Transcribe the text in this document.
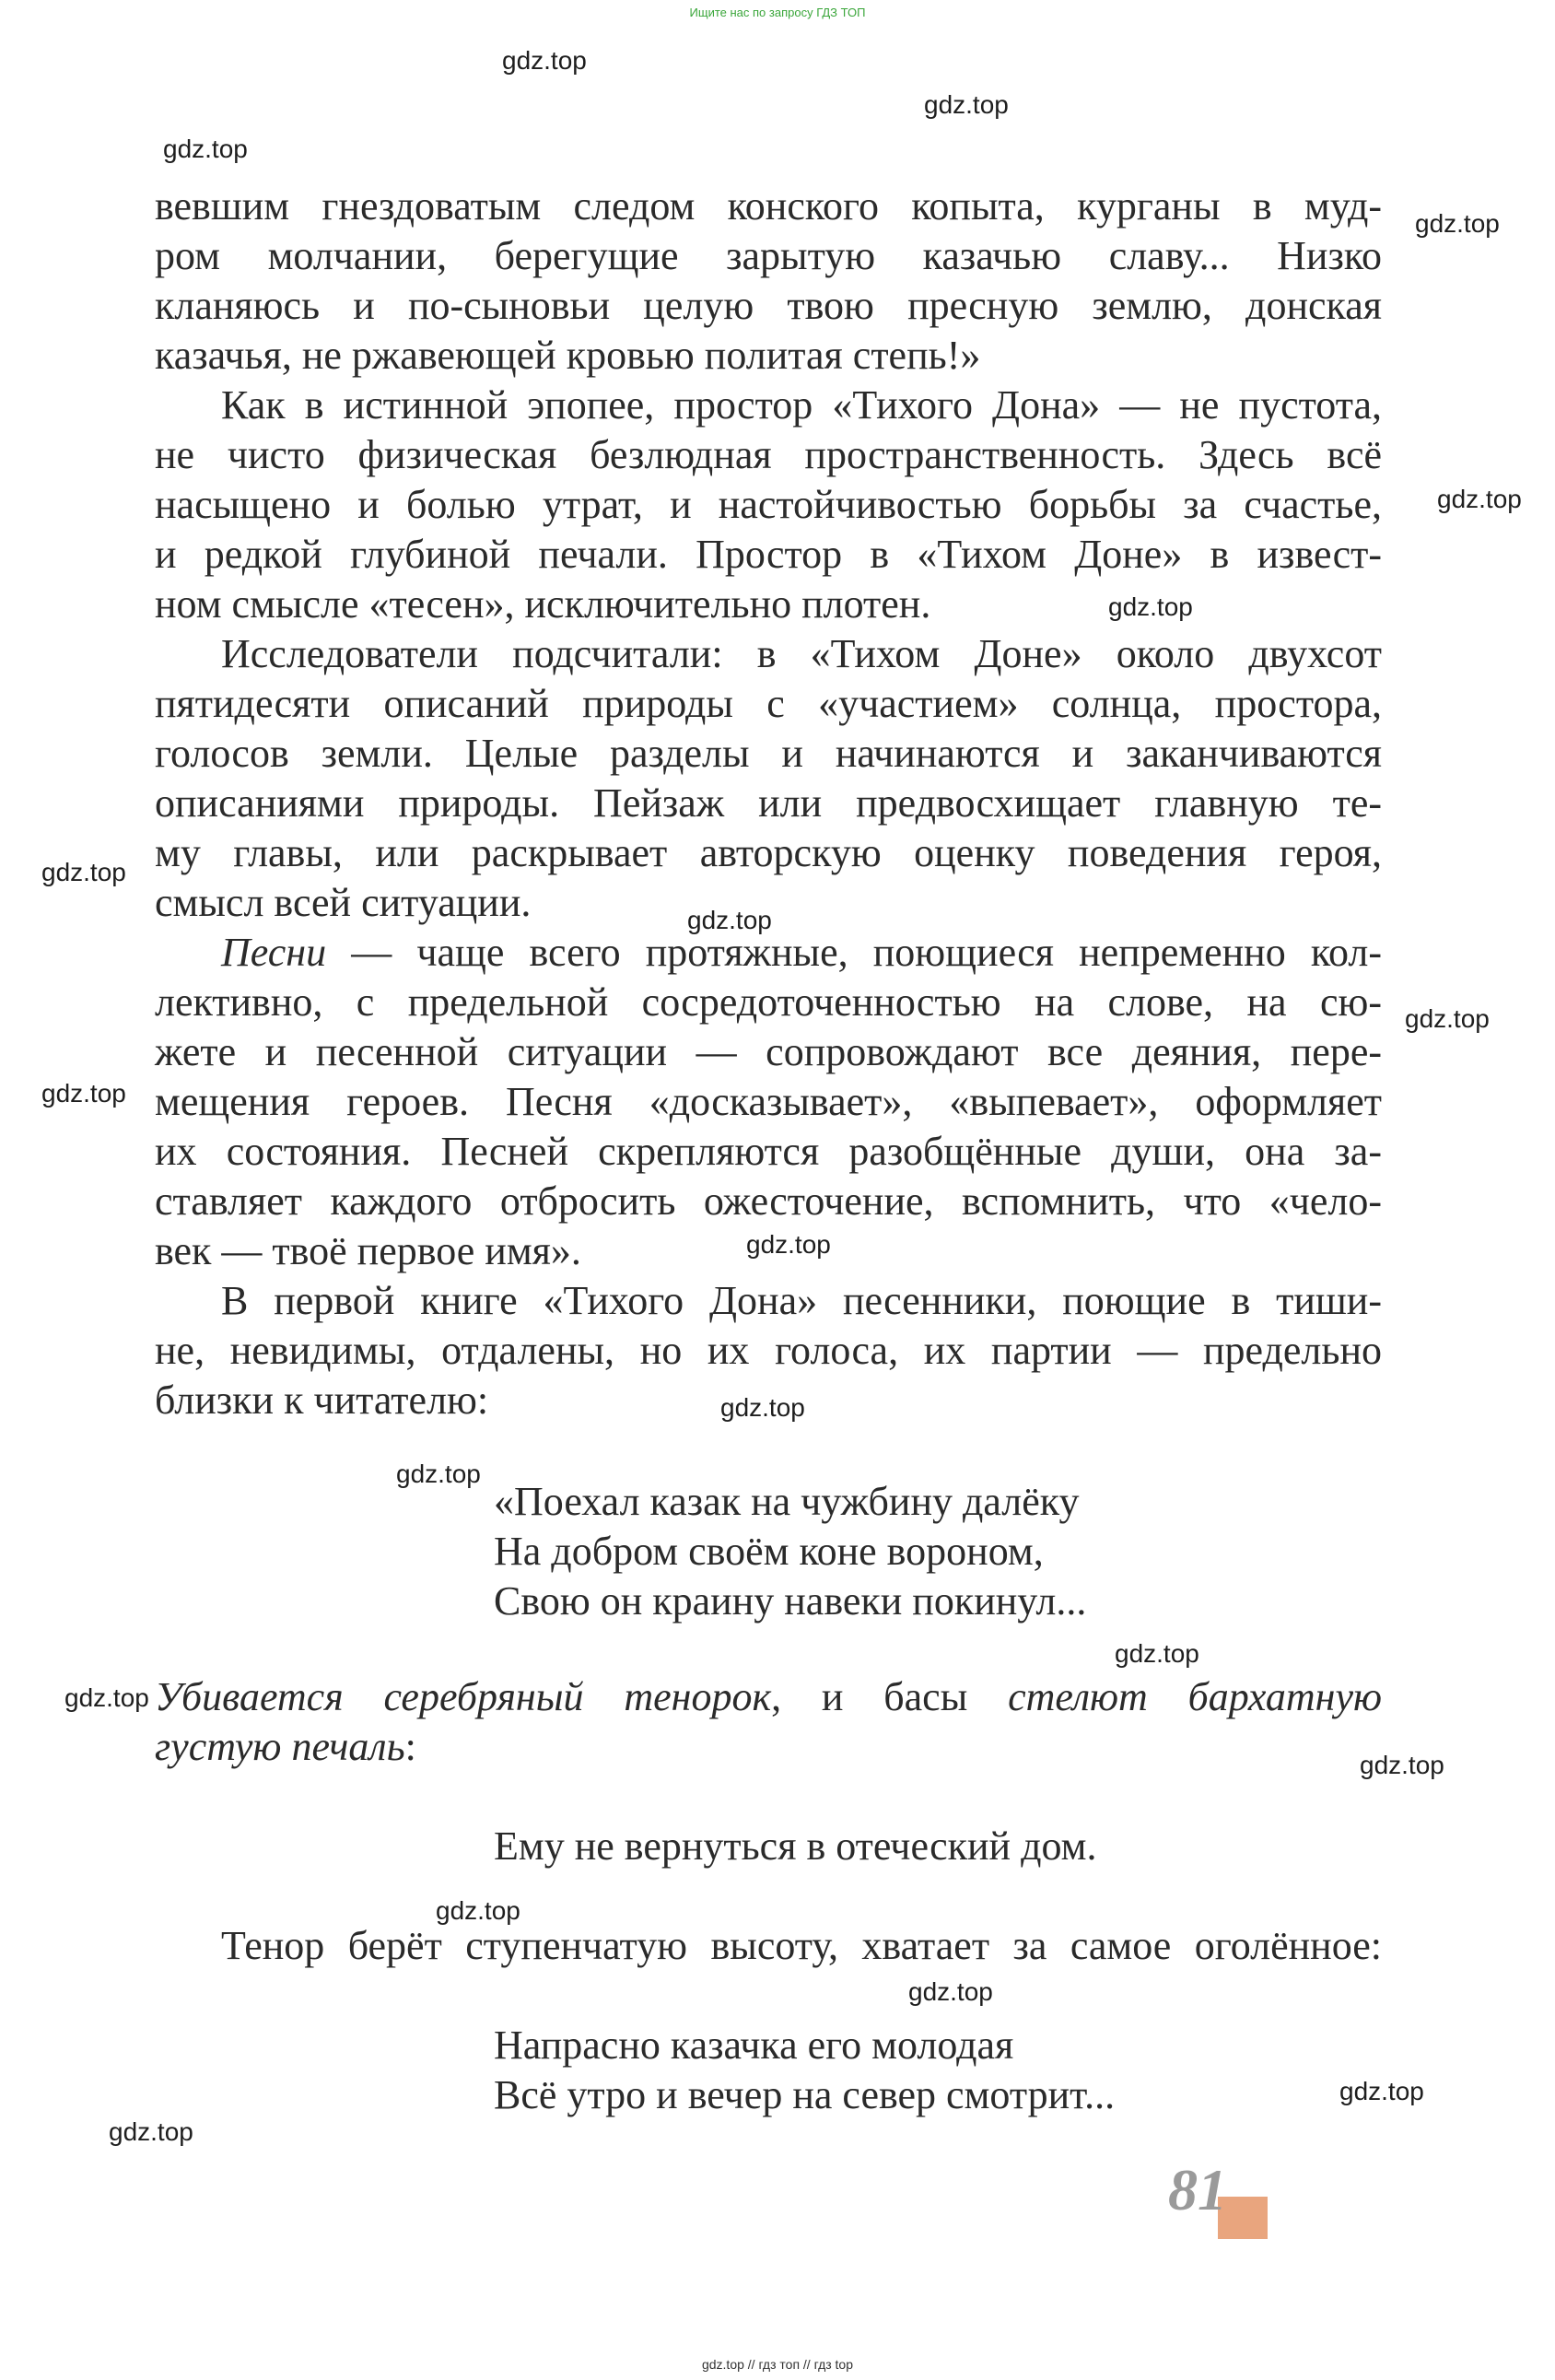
Ищите нас по запросу ГДЗ ТОП
gdz.top
gdz.top
gdz.top
gdz.top
gdz.top
gdz.top
gdz.top
gdz.top
gdz.top
gdz.top
gdz.top
gdz.top
gdz.top
gdz.top
gdz.top
gdz.top
gdz.top
gdz.top
gdz.top
gdz.top
вевшим гнездоватым следом конского копыта, курганы в муд-
ром молчании, берегущие зарытую казачью славу... Низко
кланяюсь и по-сыновьи целую твою пресную землю, донская
казачья, не ржавеющей кровью политая степь!»
Как в истинной эпопее, простор «Тихого Дона» — не пустота,
не чисто физическая безлюдная пространственность. Здесь всё
насыщено и болью утрат, и настойчивостью борьбы за счастье,
и редкой глубиной печали. Простор в «Тихом Доне» в извест-
ном смысле «тесен», исключительно плотен.
Исследователи подсчитали: в «Тихом Доне» около двухсот
пятидесяти описаний природы с «участием» солнца, простора,
голосов земли. Целые разделы и начинаются и заканчиваются
описаниями природы. Пейзаж или предвосхищает главную те-
му главы, или раскрывает авторскую оценку поведения героя,
смысл всей ситуации.
Песни — чаще всего протяжные, поющиеся непременно кол-
лективно, с предельной сосредоточенностью на слове, на сю-
жете и песенной ситуации — сопровождают все деяния, пере-
мещения героев. Песня «досказывает», «выпевает», оформляет
их состояния. Песней скрепляются разобщённые души, она за-
ставляет каждого отбросить ожесточение, вспомнить, что «чело-
век — твоё первое имя».
В первой книге «Тихого Дона» песенники, поющие в тиши-
не, невидимы, отдалены, но их голоса, их партии — предельно
близки к читателю:
«Поехал казак на чужбину далёку
На добром своём коне вороном,
Свою он краину навеки покинул...
Убивается серебряный тенорок, и басы стелют бархатную
густую печаль:
Ему не вернуться в отеческий дом.
Тенор берёт ступенчатую высоту, хватает за самое оголённое:
Напрасно казачка его молодая
Всё утро и вечер на север смотрит...
81
gdz.top // гдз топ // гдз top
